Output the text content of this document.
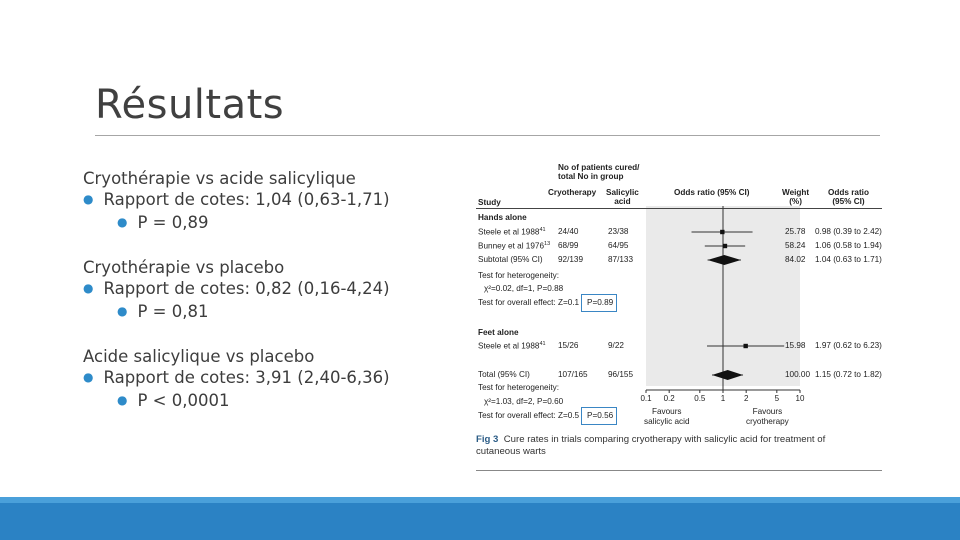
Résultats
Cryothérapie vs acide salicylique
● Rapport de cotes: 1,04 (0,63-1,71)
● P = 0,89
Cryothérapie vs placebo
● Rapport de cotes: 0,82 (0,16-4,24)
● P = 0,81
Acide salicylique vs placebo
● Rapport de cotes: 3,91 (2,40-6,36)
● P < 0,0001
No of patients cured/
total No in group
Study
Cryotherapy Salicylic
acid
Odds ratio (95% CI)	Weight
(%)
Odds ratio
(95% CI)
Hands alone
Steele et al 1988$^{41}$ 24/40	23/38	25.78 0.98 (0.39 to 2.42)
Bunney et al 1976$^{13}$ 68/99	64/95	58.24 1.06 (0.58 to 1.94)
Subtotal (95% CI) 92/139	87/133	84.02 1.04 (0.63 to 1.71)
Test for heterogeneity:
χ²=0.02, df=1, P=0.88
Test for overall effect: Z=0.1 P=0.89
Feet alone
Steele et al 1988$^{41}$ 15/26	9/22	15.98 1.97 (0.62 to 6.23)
Total (95% CI)	107/165 96/155	100.00 1.15 (0.72 to 1.82)
Test for heterogeneity:
χ²=1.03, df=2, P=0.60
Test for overall effect: Z=0.5 P=0.56
0.1 0.2 0.5 1 2	5 10
Favours
salicylic acid
Favours
cryotherapy
Fig 3 Cure rates in trials comparing cryotherapy with salicylic acid for treatment of cutaneous warts
